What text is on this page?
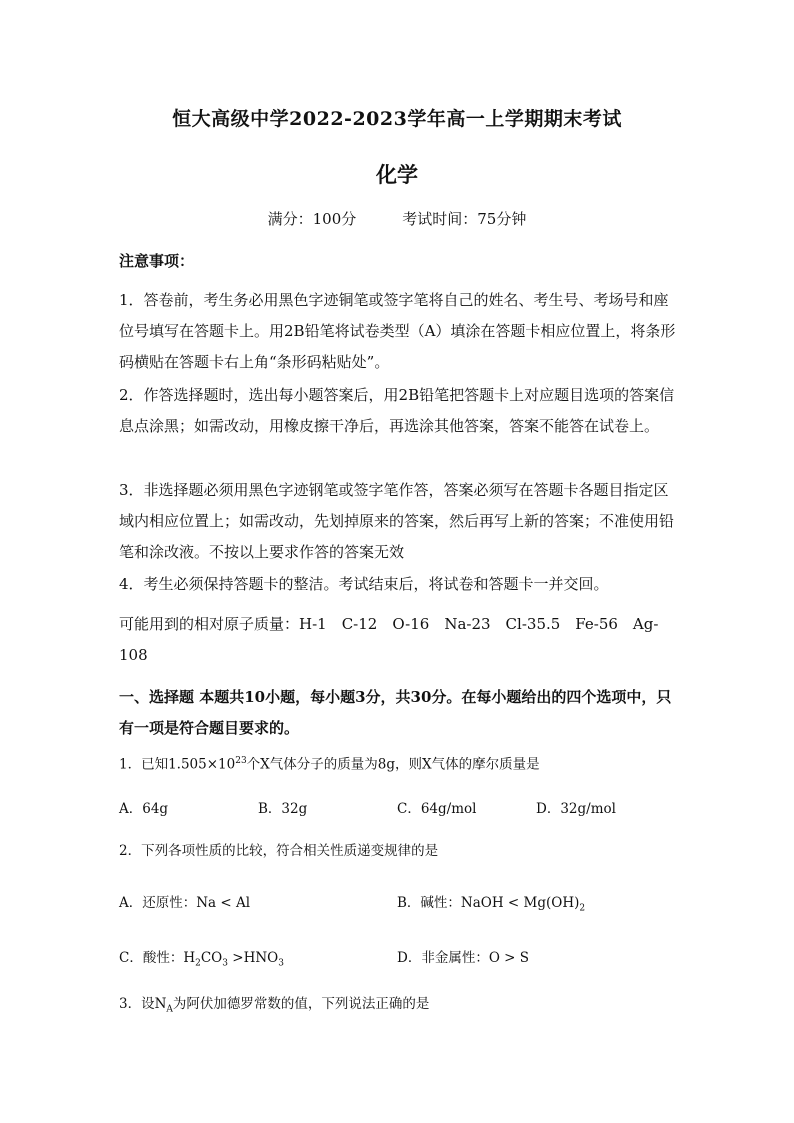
恒大高级中学2022-2023学年高一上学期期末考试
化学
满分：100分	考试时间：75分钟
注意事项：
1．答卷前，考生务必用黑色字迹铜笔或签字笔将自己的姓名、考生号、考场号和座位号填写在答题卡上。用2B铅笔将试卷类型（A）填涂在答题卡相应位置上，将条形码横贴在答题卡右上角“条形码粘贴处”。
2．作答选择题时，选出每小题答案后，用2B铅笔把答题卡上对应题目选项的答案信息点涂黑；如需改动，用橡皮擦干净后，再选涂其他答案，答案不能答在试卷上。
3．非选择题必须用黑色字迹钢笔或签字笔作答，答案必须写在答题卡各题目指定区域内相应位置上；如需改动，先划掉原来的答案，然后再写上新的答案；不准使用铅笔和涂改液。不按以上要求作答的答案无效
4．考生必须保持答题卡的整洁。考试结束后，将试卷和答题卡一并交回。
可能用到的相对原子质量：H-1　C-12　O-16　Na-23　Cl-35.5　Fe-56　Ag-108
一、选择题 本题共10小题，每小题3分，共30分。在每小题给出的四个选项中，只有一项是符合题目要求的。
1．已知$1.505\times 10^{23}$个X气体分子的质量为8g，则X气体的摩尔质量是
A．64g	B．32g	C．64g/mol	D．32g/mol
2．下列各项性质的比较，符合相关性质递变规律的是
A．还原性：Na < Al	B．碱性：NaOH < $Mg(OH)_2$
C．酸性：$H_2CO_3 >HNO_3$	D．非金属性：O > S
3．设$N_A$为阿伏加德罗常数的值，下列说法正确的是
